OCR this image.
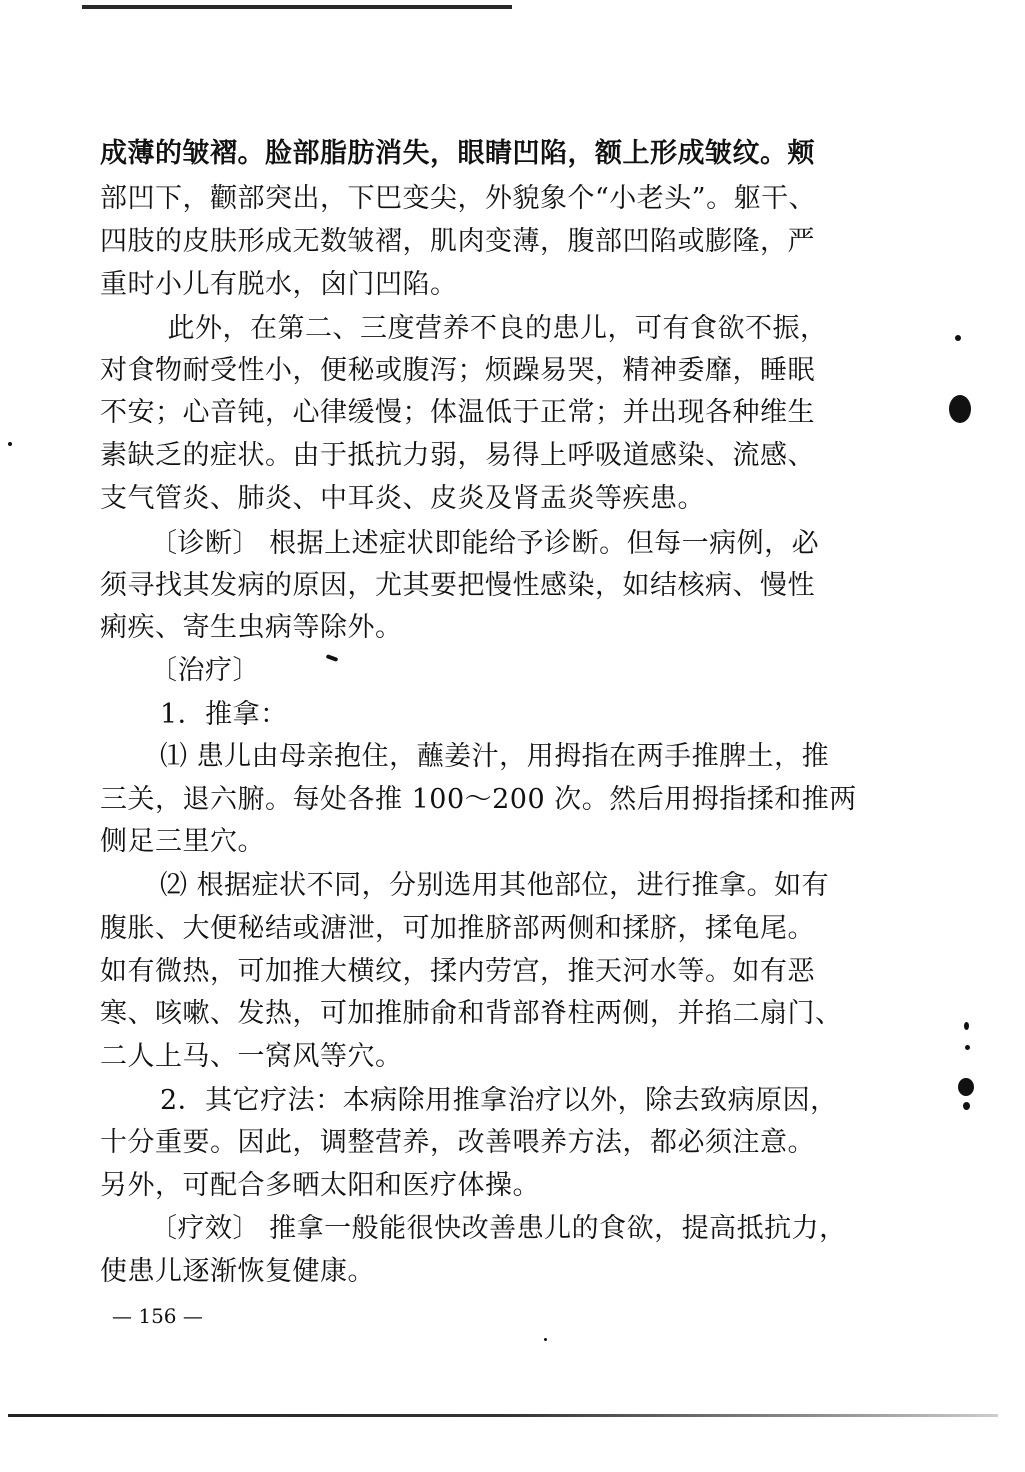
成薄的皱褶。脸部脂肪消失，眼睛凹陷，额上形成皱纹。颊
部凹下，颧部突出，下巴变尖，外貌象个“小老头”。躯干、
四肢的皮肤形成无数皱褶，肌肉变薄，腹部凹陷或膨隆，严
重时小儿有脱水，囟门凹陷。
　此外，在第二、三度营养不良的患儿，可有食欲不振，
对食物耐受性小，便秘或腹泻；烦躁易哭，精神委靡，睡眠
不安；心音钝，心律缓慢；体温低于正常；并出现各种维生
素缺乏的症状。由于抵抗力弱，易得上呼吸道感染、流感、
支气管炎、肺炎、中耳炎、皮炎及肾盂炎等疾患。
〔诊断〕 根据上述症状即能给予诊断。但每一病例，必
须寻找其发病的原因，尤其要把慢性感染，如结核病、慢性
痢疾、寄生虫病等除外。
〔治疗〕
1．推拿：
⑴ 患儿由母亲抱住，蘸姜汁，用拇指在两手推脾土，推
三关，退六腑。每处各推 100～200 次。然后用拇指揉和推两
侧足三里穴。
⑵ 根据症状不同，分别选用其他部位，进行推拿。如有
腹胀、大便秘结或溏泄，可加推脐部两侧和揉脐，揉龟尾。
如有微热，可加推大横纹，揉内劳宫，推天河水等。如有恶
寒、咳嗽、发热，可加推肺俞和背部脊柱两侧，并掐二扇门、
二人上马、一窝风等穴。
2．其它疗法：本病除用推拿治疗以外，除去致病原因，
十分重要。因此，调整营养，改善喂养方法，都必须注意。
另外，可配合多晒太阳和医疗体操。
〔疗效〕 推拿一般能很快改善患儿的食欲，提高抵抗力，
使患儿逐渐恢复健康。
— 156 —
